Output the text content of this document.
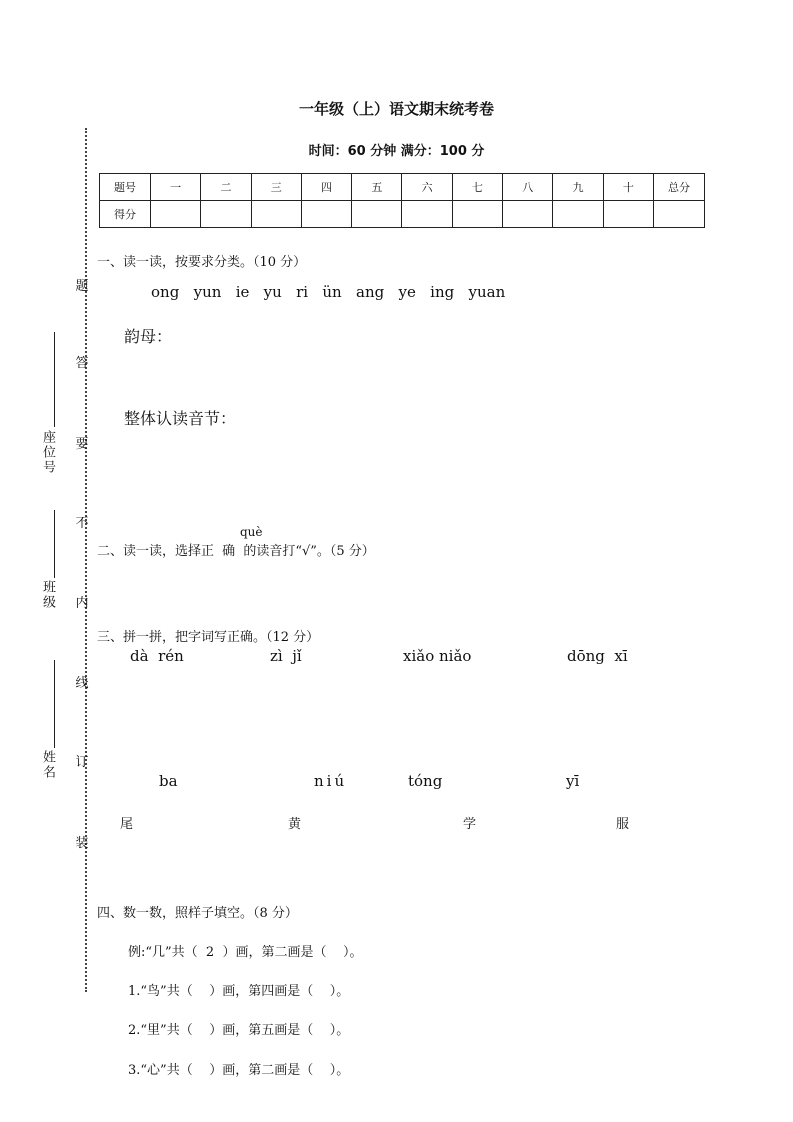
一年级（上）语文期末统考卷
时间：60 分钟 满分：100 分
座位号
班级
姓名
题
答
要
不
内
线
订
装
题号	一	二	三	四	五	六	七	八	九	十	总分
得分											
一、读一读，按要求分类。（10 分）
ong   yun   ie   yu   ri   ün   ang   ye   ing   yuan
韵母：
整体认读音节：
què
二、读一读，选择正 确 的读音打“√”。（5 分）
三、拼一拼，把字词写正确。（12 分）
dà  rén	zì  jǐ	xiǎo niǎo	dōng  xī
ba	niú	tóng	yī
尾	黄	学	服
四、数一数，照样子填空。（8 分）
例:“几”共（  2  ）画，第二画是（    ）。
1.“鸟”共（    ）画，第四画是（    ）。
2.“里”共（    ）画，第五画是（    ）。
3.“心”共（    ）画，第二画是（    ）。
